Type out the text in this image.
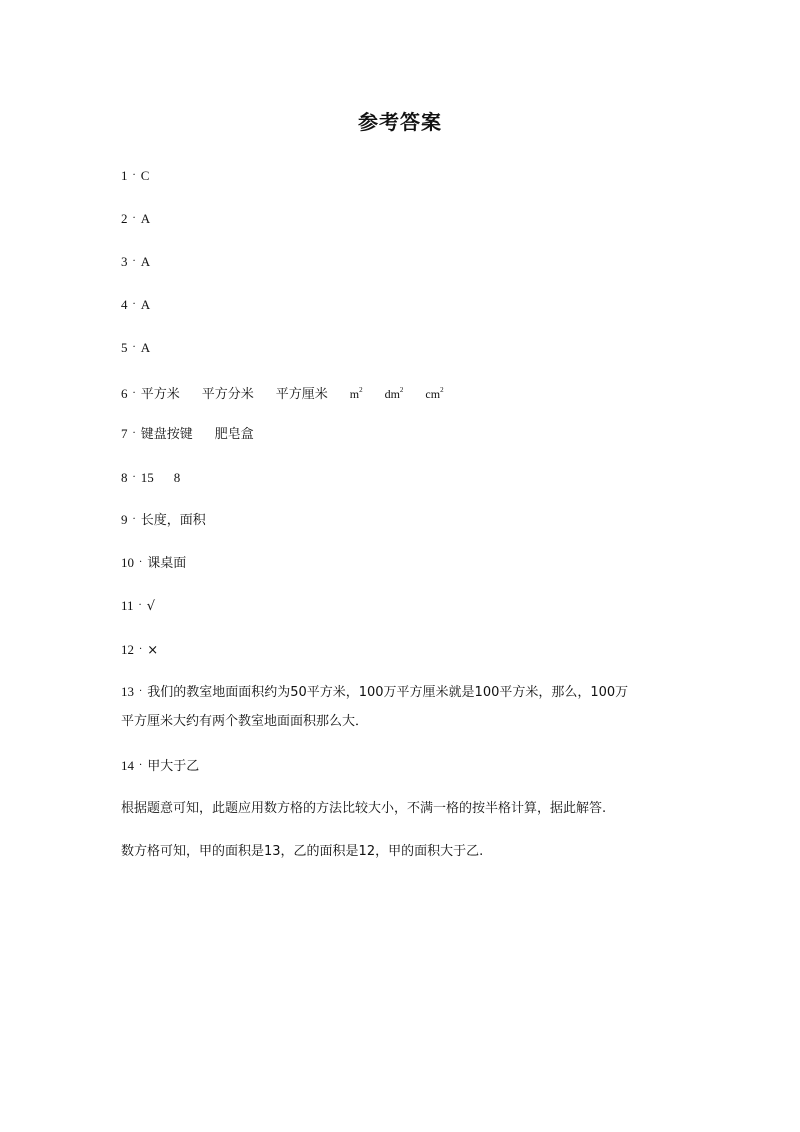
参考答案
1 · C
2 · A
3 · A
4 · A
5 · A
6 · 平方米 平方分米 平方厘米 $m^2$ $dm^2$ $cm^2$
7 · 键盘按键 肥皂盒
8 · 15 8
9 · 长度，面积
10 · 课桌面
11 · √
12 · ×
13 · 我们的教室地面面积约为50平方米，100万平方厘米就是100平方米，那么，100万
平方厘米大约有两个教室地面面积那么大．
14 · 甲大于乙
根据题意可知，此题应用数方格的方法比较大小，不满一格的按半格计算，据此解答.
数方格可知，甲的面积是13，乙的面积是12，甲的面积大于乙.
